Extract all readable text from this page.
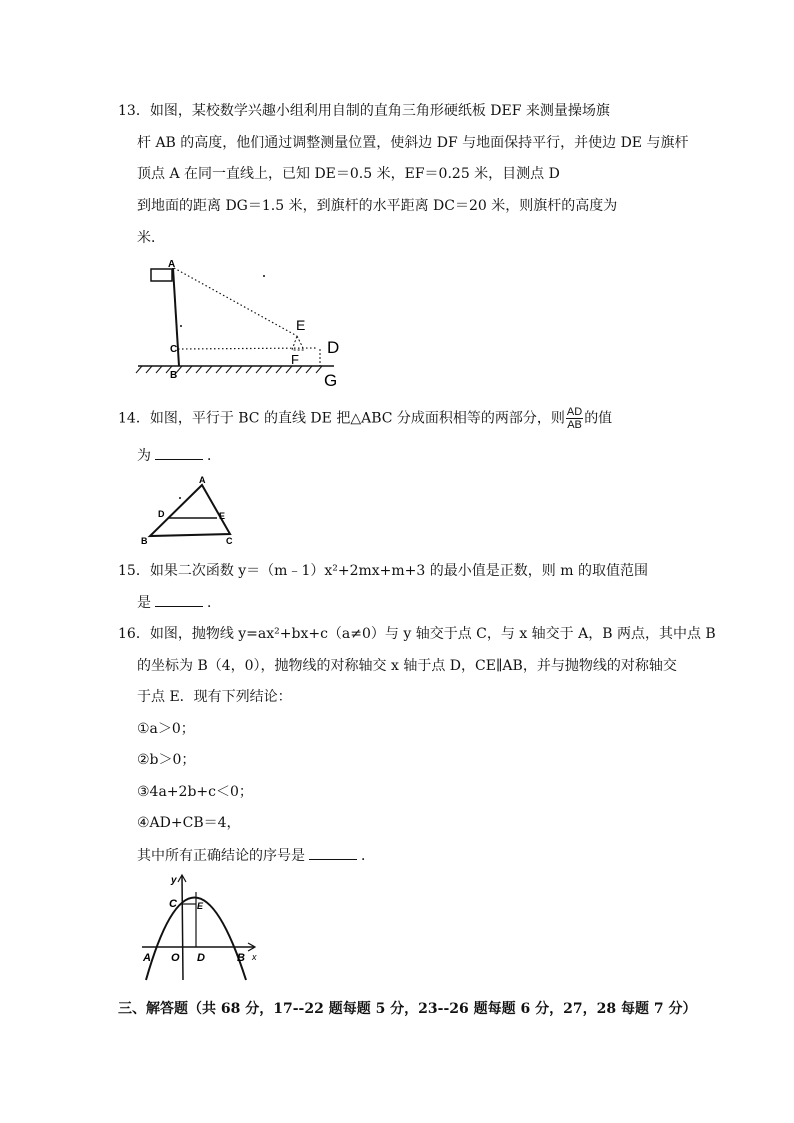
13．如图，某校数学兴趣小组利用自制的直角三角形硬纸板 DEF 来测量操场旗
杆 AB 的高度，他们通过调整测量位置，使斜边 DF 与地面保持平行，并使边 DE 与旗杆
顶点 A 在同一直线上，已知 DE＝0.5 米，EF＝0.25 米，目测点 D
到地面的距离 DG＝1.5 米，到旗杆的水平距离 DC＝20 米，则旗杆的高度为
米．
A
C
B
E
F
D
G
14．如图，平行于 BC 的直线 DE 把△ABC 分成面积相等的两部分，则 $\frac{AD}{AB}$ 的值
为	．
A
D	E
B	C
15．如果二次函数 y＝（m﹣1）x²+2mx+m+3 的最小值是正数，则 m 的取值范围
是	．
16．如图，抛物线 y=ax²+bx+c（a≠0）与 y 轴交于点 C，与 x 轴交于 A，B 两点，其中点 B
的坐标为 B（4，0），抛物线的对称轴交 x 轴于点 D，CE∥AB，并与抛物线的对称轴交
于点 E．现有下列结论：
①a＞0；
②b＞0；
③4a+2b+c＜0；
④AD+CB＝4，
其中所有正确结论的序号是	．
y
x
C E
A O D	B
三、解答题（共 68 分，17--22 题每题 5 分，23--26 题每题 6 分，27，28 每题 7 分）
